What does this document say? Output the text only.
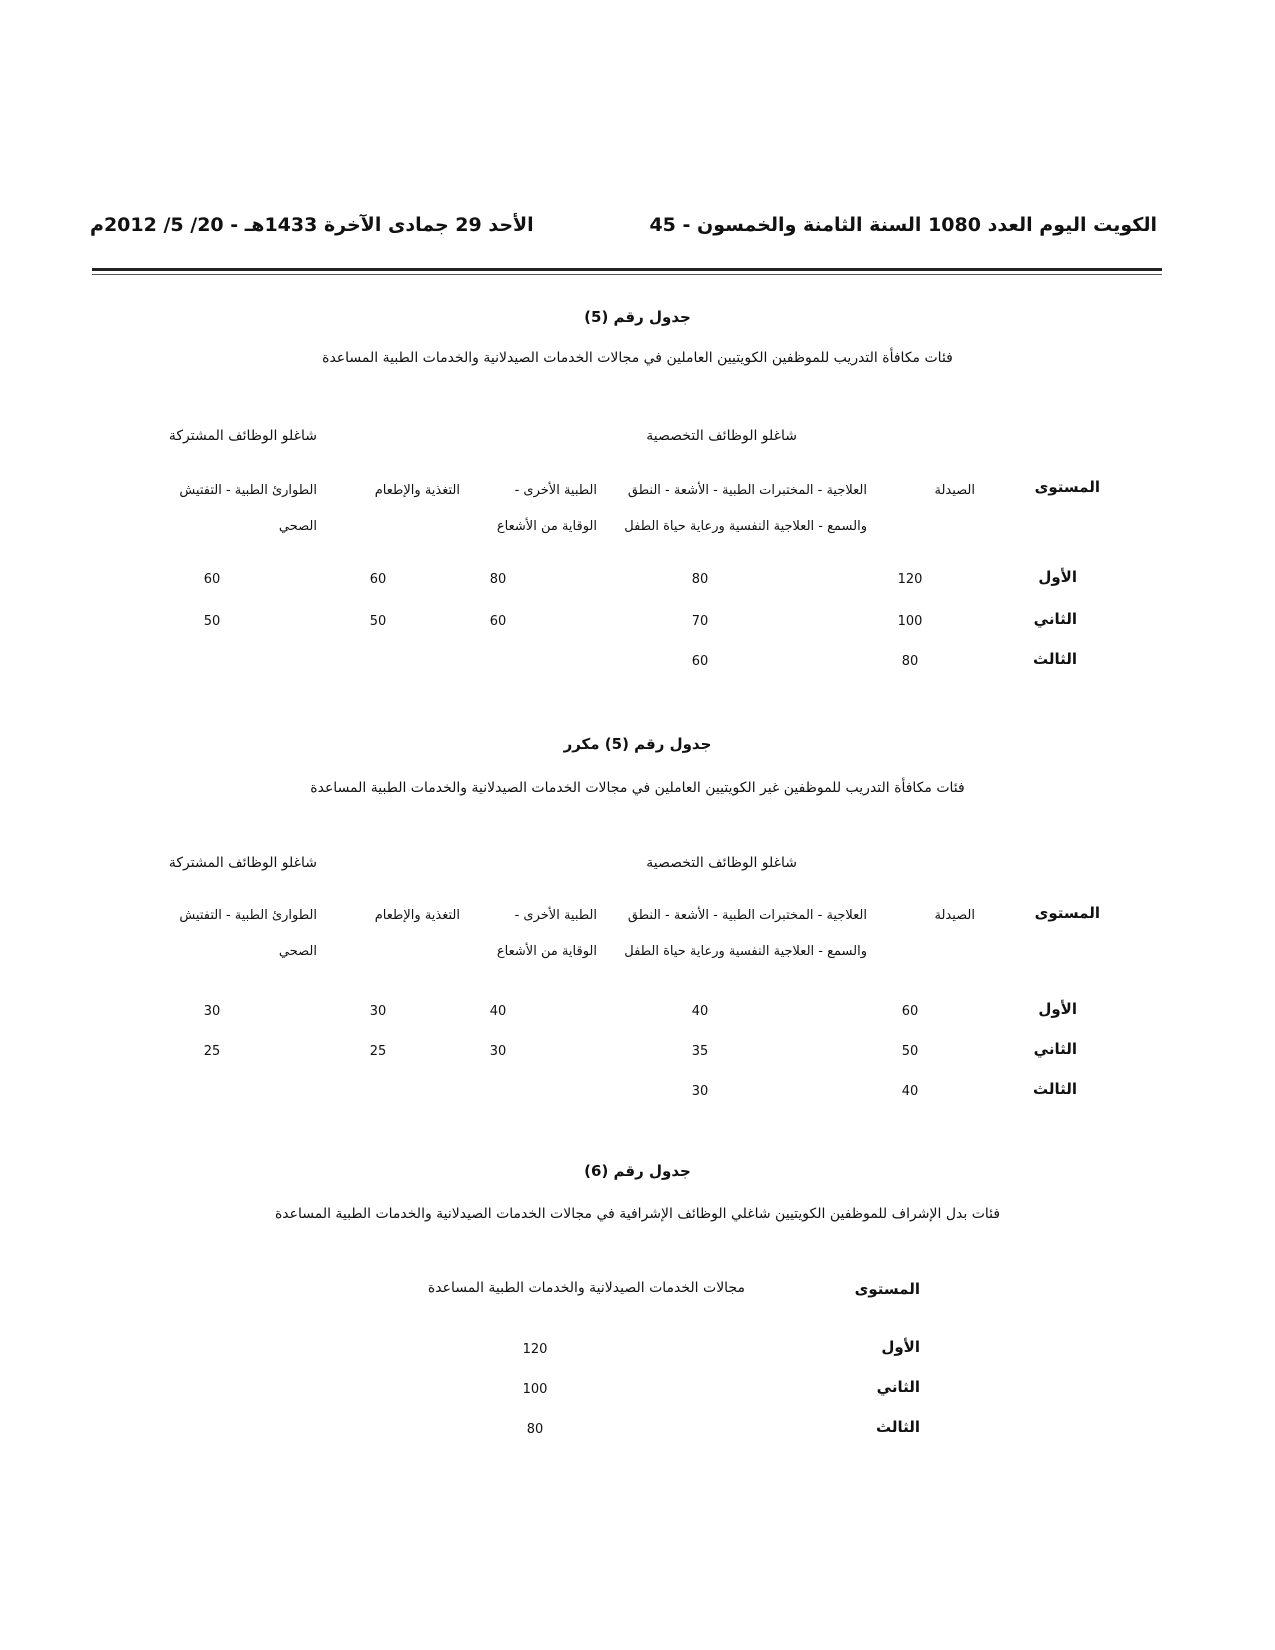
الكويت اليوم العدد 1080 السنة الثامنة والخمسون - 45
الأحد 29 جمادى الآخرة 1433هـ - 20/ 5/ 2012م
جدول رقم (5)
فئات مكافأة التدريب للموظفين الكويتيين العاملين في مجالات الخدمات الصيدلانية والخدمات الطبية المساعدة
شاغلو الوظائف التخصصية
شاغلو الوظائف المشتركة
المستوى
الصيدلة
العلاجية - المختبرات الطبية - الأشعة - النطق والسمع - العلاجية النفسية ورعاية حياة الطفل
الطبية الأخرى - الوقاية من الأشعاع
التغذية والإطعام
الطوارئ الطبية - التفتيش الصحي
الأول
120
80
80
60
60
الثاني
100
70
60
50
50
الثالث
80
60
جدول رقم (5) مكرر
فئات مكافأة التدريب للموظفين غير الكويتيين العاملين في مجالات الخدمات الصيدلانية والخدمات الطبية المساعدة
شاغلو الوظائف التخصصية
شاغلو الوظائف المشتركة
المستوى
الصيدلة
العلاجية - المختبرات الطبية - الأشعة - النطق والسمع - العلاجية النفسية ورعاية حياة الطفل
الطبية الأخرى - الوقاية من الأشعاع
التغذية والإطعام
الطوارئ الطبية - التفتيش الصحي
الأول
60
40
40
30
30
الثاني
50
35
30
25
25
الثالث
40
30
جدول رقم (6)
فئات بدل الإشراف للموظفين الكويتيين شاغلي الوظائف الإشرافية في مجالات الخدمات الصيدلانية والخدمات الطبية المساعدة
المستوى
مجالات الخدمات الصيدلانية والخدمات الطبية المساعدة
الأول
120
الثاني
100
الثالث
80
